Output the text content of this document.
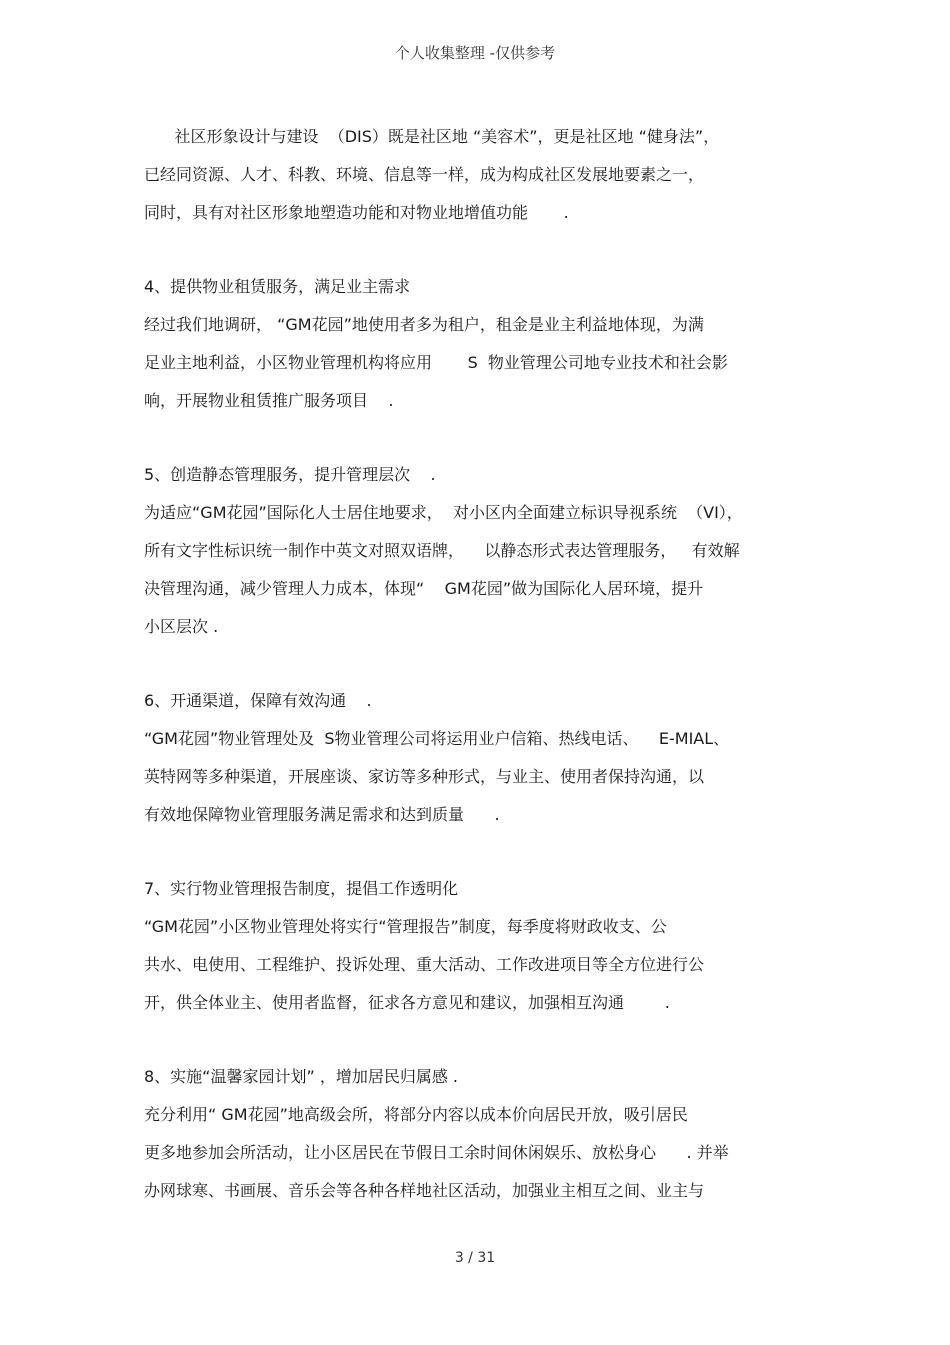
个人收集整理 -仅供参考
社区形象设计与建设  （DIS）既是社区地 “美容术”，更是社区地 “健身法”，
已经同资源、人才、科教、环境、信息等一样，成为构成社区发展地要素之一，
同时，具有对社区形象地塑造功能和对物业地增值功能       .
4、提供物业租赁服务，满足业主需求
经过我们地调研， “GM花园”地使用者多为租户，租金是业主利益地体现，为满
足业主地利益，小区物业管理机构将应用       S  物业管理公司地专业技术和社会影
响，开展物业租赁推广服务项目    .
5、创造静态管理服务，提升管理层次    .
为适应“GM花园”国际化人士居住地要求，  对小区内全面建立标识导视系统  （VI），
所有文字性标识统一制作中英文对照双语牌，    以静态形式表达管理服务，   有效解
决管理沟通，减少管理人力成本，体现“    GM花园”做为国际化人居环境，提升
小区层次 .
6、开通渠道，保障有效沟通    .
“GM花园”物业管理处及  S物业管理公司将运用业户信箱、热线电话、    E-MIAL、
英特网等多种渠道，开展座谈、家访等多种形式，与业主、使用者保持沟通，以
有效地保障物业管理服务满足需求和达到质量      .
7、实行物业管理报告制度，提倡工作透明化
“GM花园”小区物业管理处将实行“管理报告”制度，每季度将财政收支、公
共水、电使用、工程维护、投诉处理、重大活动、工作改进项目等全方位进行公
开，供全体业主、使用者监督，征求各方意见和建议，加强相互沟通        .
8、实施“温馨家园计划” ，增加居民归属感 .
充分利用“ GM花园”地高级会所，将部分内容以成本价向居民开放，吸引居民
更多地参加会所活动，让小区居民在节假日工余时间休闲娱乐、放松身心      . 并举
办网球寒、书画展、音乐会等各种各样地社区活动，加强业主相互之间、业主与
3 / 31
